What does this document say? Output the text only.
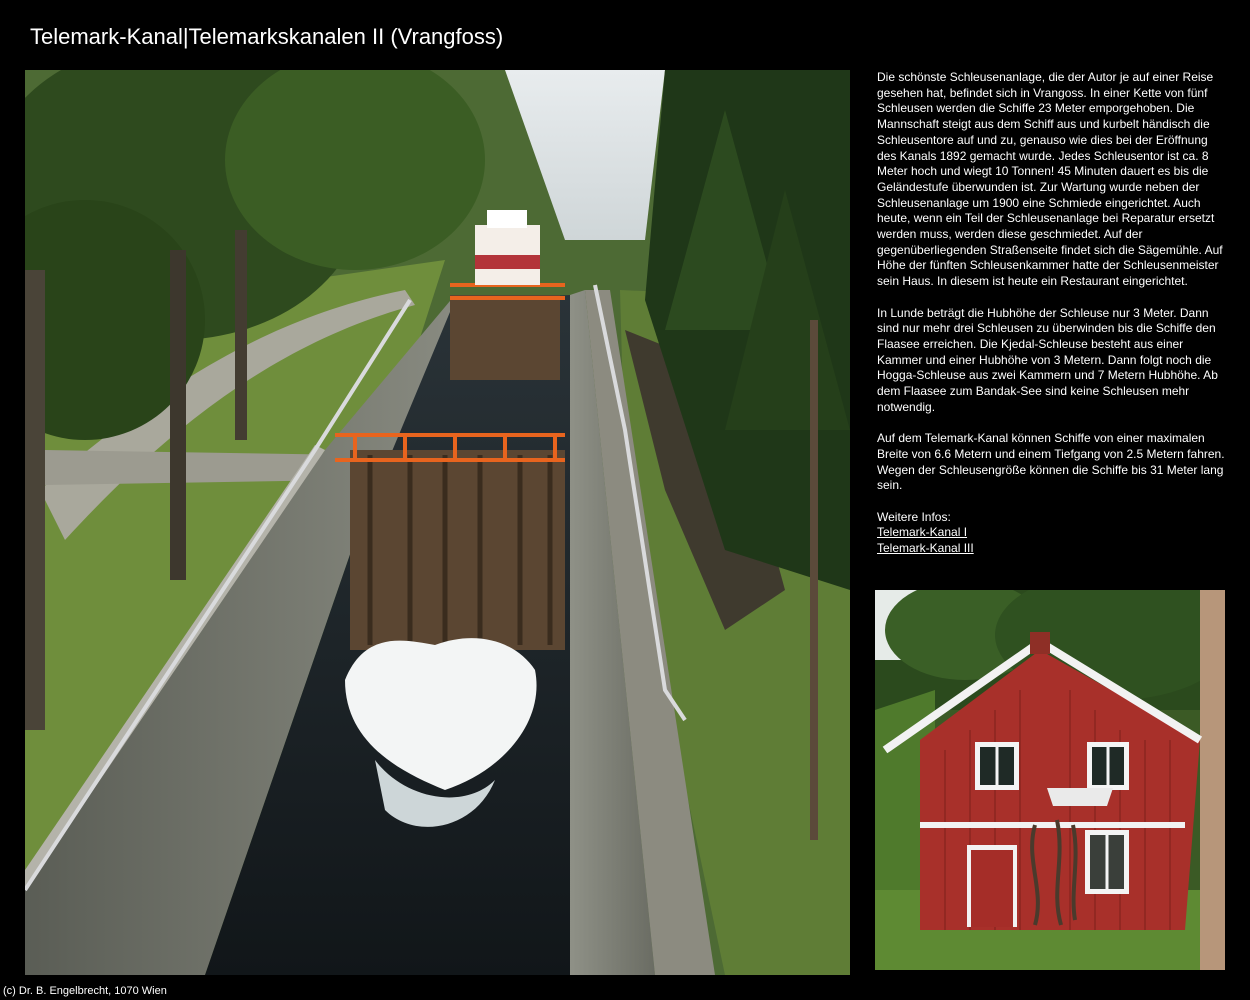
Telemark-Kanal|Telemarkskanalen II (Vrangfoss)

Die schönste Schleusenanlage, die der Autor je auf einer Reise gesehen hat, befindet sich in Vrangoss. In einer Kette von fünf Schleusen werden die Schiffe 23 Meter emporgehoben. Die Mannschaft steigt aus dem Schiff aus und kurbelt händisch die Schleusentore auf und zu, genauso wie dies bei der Eröffnung des Kanals 1892 gemacht wurde. Jedes Schleusentor ist ca. 8 Meter hoch und wiegt 10 Tonnen! 45 Minuten dauert es bis die Geländestufe überwunden ist. Zur Wartung wurde neben der Schleusenanlage um 1900 eine Schmiede eingerichtet. Auch heute, wenn ein Teil der Schleusenanlage bei Reparatur ersetzt werden muss, werden diese geschmiedet. Auf der gegenüberliegenden Straßenseite findet sich die Sägemühle. Auf Höhe der fünften Schleusenkammer hatte der Schleusenmeister sein Haus. In diesem ist heute ein Restaurant eingerichtet.

In Lunde beträgt die Hubhöhe der Schleuse nur 3 Meter. Dann sind nur mehr drei Schleusen zu überwinden bis die Schiffe den Flaasee erreichen. Die Kjedal-Schleuse besteht aus einer Kammer und einer Hubhöhe von 3 Metern. Dann folgt noch die Hogga-Schleuse aus zwei Kammern und 7 Metern Hubhöhe. Ab dem Flaasee zum Bandak-See sind keine Schleusen mehr notwendig.

Auf dem Telemark-Kanal können Schiffe von einer maximalen Breite von 6.6 Metern und einem Tiefgang von 2.5 Metern fahren. Wegen der Schleusengröße können die Schiffe bis 31 Meter lang sein.

Weitere Infos:
Telemark-Kanal I
Telemark-Kanal III
(c) Dr. B. Engelbrecht, 1070 Wien
